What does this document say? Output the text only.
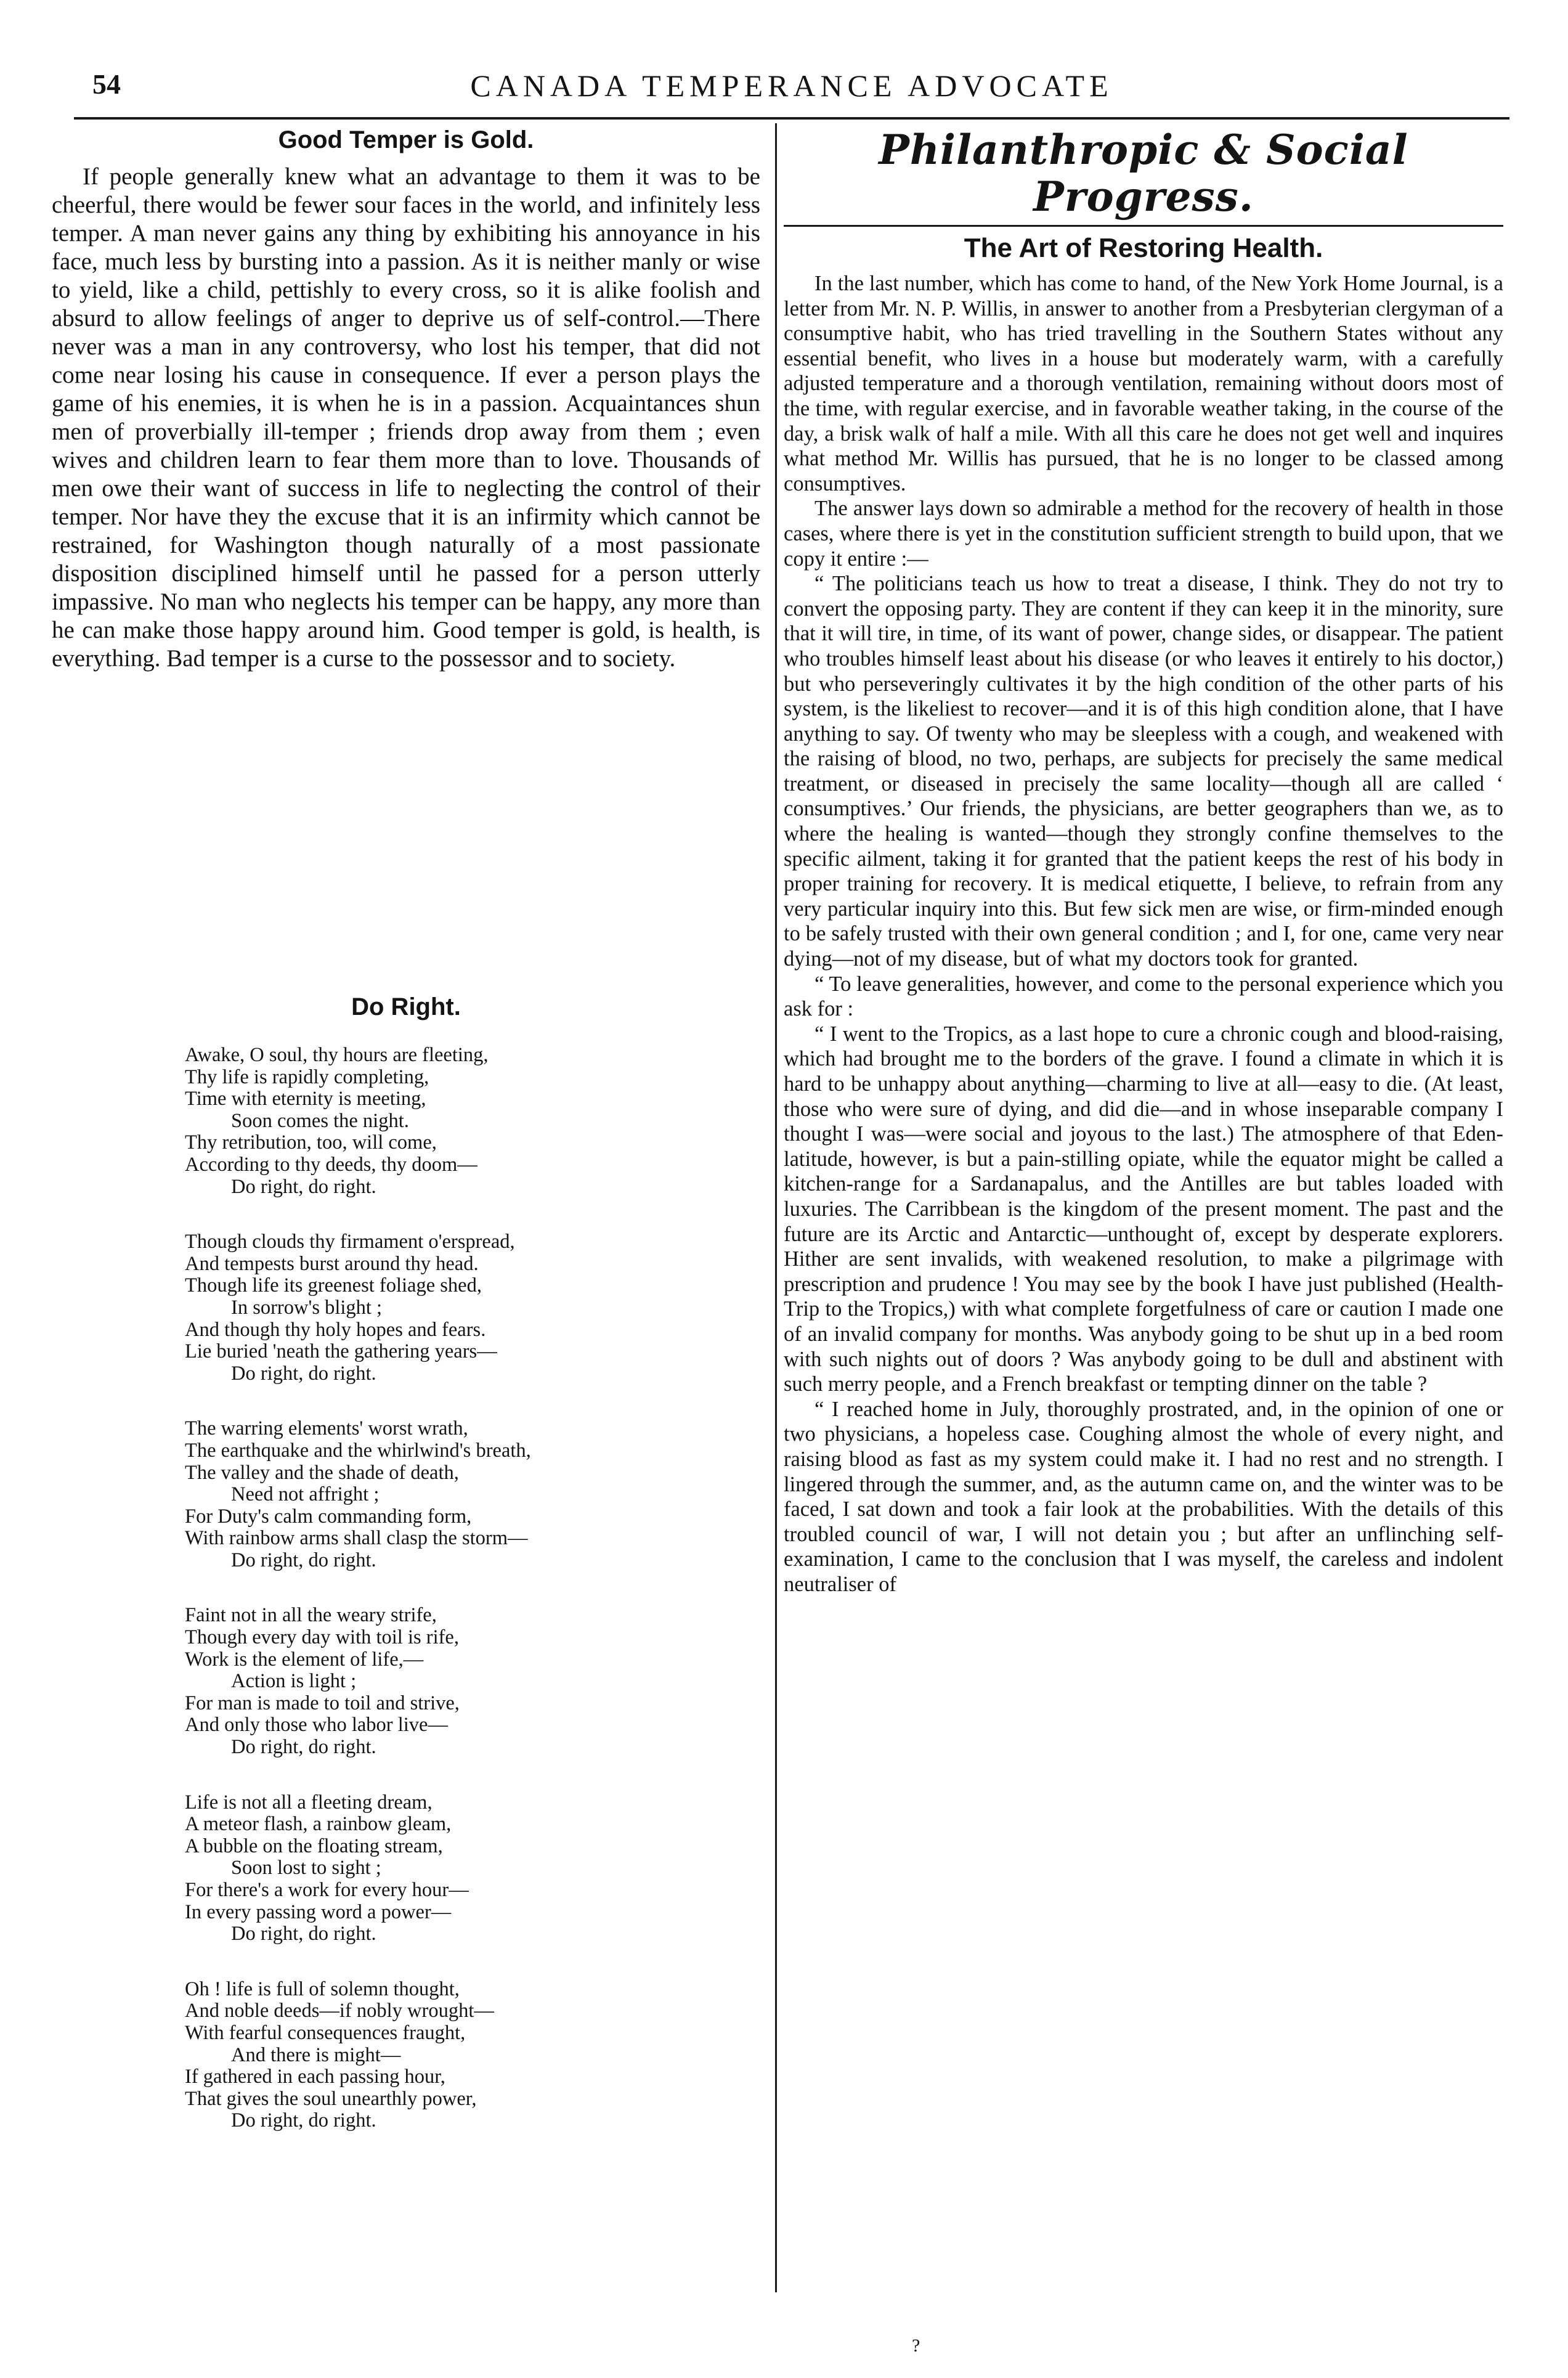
54	CANADA TEMPERANCE ADVOCATE
Good Temper is Gold.

If people generally knew what an advantage to them it was to be cheerful, there would be fewer sour faces in the world, and infinitely less temper. A man never gains any thing by exhibiting his annoyance in his face, much less by bursting into a passion. As it is neither manly or wise to yield, like a child, pettishly to every cross, so it is alike foolish and absurd to allow feelings of anger to deprive us of self-control.—There never was a man in any controversy, who lost his temper, that did not come near losing his cause in consequence. If ever a person plays the game of his enemies, it is when he is in a passion. Acquaintances shun men of proverbially ill-temper ; friends drop away from them ; even wives and children learn to fear them more than to love. Thousands of men owe their want of success in life to neglecting the control of their temper. Nor have they the excuse that it is an infirmity which cannot be restrained, for Washington though naturally of a most passionate disposition disciplined himself until he passed for a person utterly impassive. No man who neglects his temper can be happy, any more than he can make those happy around him. Good temper is gold, is health, is everything. Bad temper is a curse to the possessor and to society.

Do Right.
Awake, O soul, thy hours are fleeting,
Thy life is rapidly completing,
Time with eternity is meeting,
Soon comes the night.
Thy retribution, too, will come,
According to thy deeds, thy doom—
Do right, do right.
Though clouds thy firmament o'erspread,
And tempests burst around thy head.
Though life its greenest foliage shed,
In sorrow's blight ;
And though thy holy hopes and fears.
Lie buried 'neath the gathering years—
Do right, do right.
The warring elements' worst wrath,
The earthquake and the whirlwind's breath,
The valley and the shade of death,
Need not affright ;
For Duty's calm commanding form,
With rainbow arms shall clasp the storm—
Do right, do right.
Faint not in all the weary strife,
Though every day with toil is rife,
Work is the element of life,—
Action is light ;
For man is made to toil and strive,
And only those who labor live—
Do right, do right.
Life is not all a fleeting dream,
A meteor flash, a rainbow gleam,
A bubble on the floating stream,
Soon lost to sight ;
For there's a work for every hour—
In every passing word a power—
Do right, do right.
Oh ! life is full of solemn thought,
And noble deeds—if nobly wrought—
With fearful consequences fraught,
And there is might—
If gathered in each passing hour,
That gives the soul unearthly power,
Do right, do right.
Philanthropic & Social Progress.
The Art of Restoring Health.

In the last number, which has come to hand, of the New York Home Journal, is a letter from Mr. N. P. Willis, in answer to another from a Presbyterian clergyman of a consumptive habit, who has tried travelling in the Southern States without any essential benefit, who lives in a house but moderately warm, with a carefully adjusted temperature and a thorough ventilation, remaining without doors most of the time, with regular exercise, and in favorable weather taking, in the course of the day, a brisk walk of half a mile. With all this care he does not get well and inquires what method Mr. Willis has pursued, that he is no longer to be classed among consumptives.

The answer lays down so admirable a method for the recovery of health in those cases, where there is yet in the constitution sufficient strength to build upon, that we copy it entire :—

“ The politicians teach us how to treat a disease, I think. They do not try to convert the opposing party. They are content if they can keep it in the minority, sure that it will tire, in time, of its want of power, change sides, or disappear. The patient who troubles himself least about his disease (or who leaves it entirely to his doctor,) but who perseveringly cultivates it by the high condition of the other parts of his system, is the likeliest to recover—and it is of this high condition alone, that I have anything to say. Of twenty who may be sleepless with a cough, and weakened with the raising of blood, no two, perhaps, are subjects for precisely the same medical treatment, or diseased in precisely the same locality—though all are called ‘ consumptives.’ Our friends, the physicians, are better geographers than we, as to where the healing is wanted—though they strongly confine themselves to the specific ailment, taking it for granted that the patient keeps the rest of his body in proper training for recovery. It is medical etiquette, I believe, to refrain from any very particular inquiry into this. But few sick men are wise, or firm-minded enough to be safely trusted with their own general condition ; and I, for one, came very near dying—not of my disease, but of what my doctors took for granted.

“ To leave generalities, however, and come to the personal experience which you ask for :

“ I went to the Tropics, as a last hope to cure a chronic cough and blood-raising, which had brought me to the borders of the grave. I found a climate in which it is hard to be unhappy about anything—charming to live at all—easy to die. (At least, those who were sure of dying, and did die—and in whose inseparable company I thought I was—were social and joyous to the last.) The atmosphere of that Eden-latitude, however, is but a pain-stilling opiate, while the equator might be called a kitchen-range for a Sardanapalus, and the Antilles are but tables loaded with luxuries. The Carribbean is the kingdom of the present moment. The past and the future are its Arctic and Antarctic—unthought of, except by desperate explorers. Hither are sent invalids, with weakened resolution, to make a pilgrimage with prescription and prudence ! You may see by the book I have just published (Health-Trip to the Tropics,) with what complete forgetfulness of care or caution I made one of an invalid company for months. Was anybody going to be shut up in a bed room with such nights out of doors ? Was anybody going to be dull and abstinent with such merry people, and a French breakfast or tempting dinner on the table ?

“ I reached home in July, thoroughly prostrated, and, in the opinion of one or two physicians, a hopeless case. Coughing almost the whole of every night, and raising blood as fast as my system could make it. I had no rest and no strength. I lingered through the summer, and, as the autumn came on, and the winter was to be faced, I sat down and took a fair look at the probabilities. With the details of this troubled council of war, I will not detain you ; but after an unflinching self-examination, I came to the conclusion that I was myself, the careless and indolent neutraliser of

?
